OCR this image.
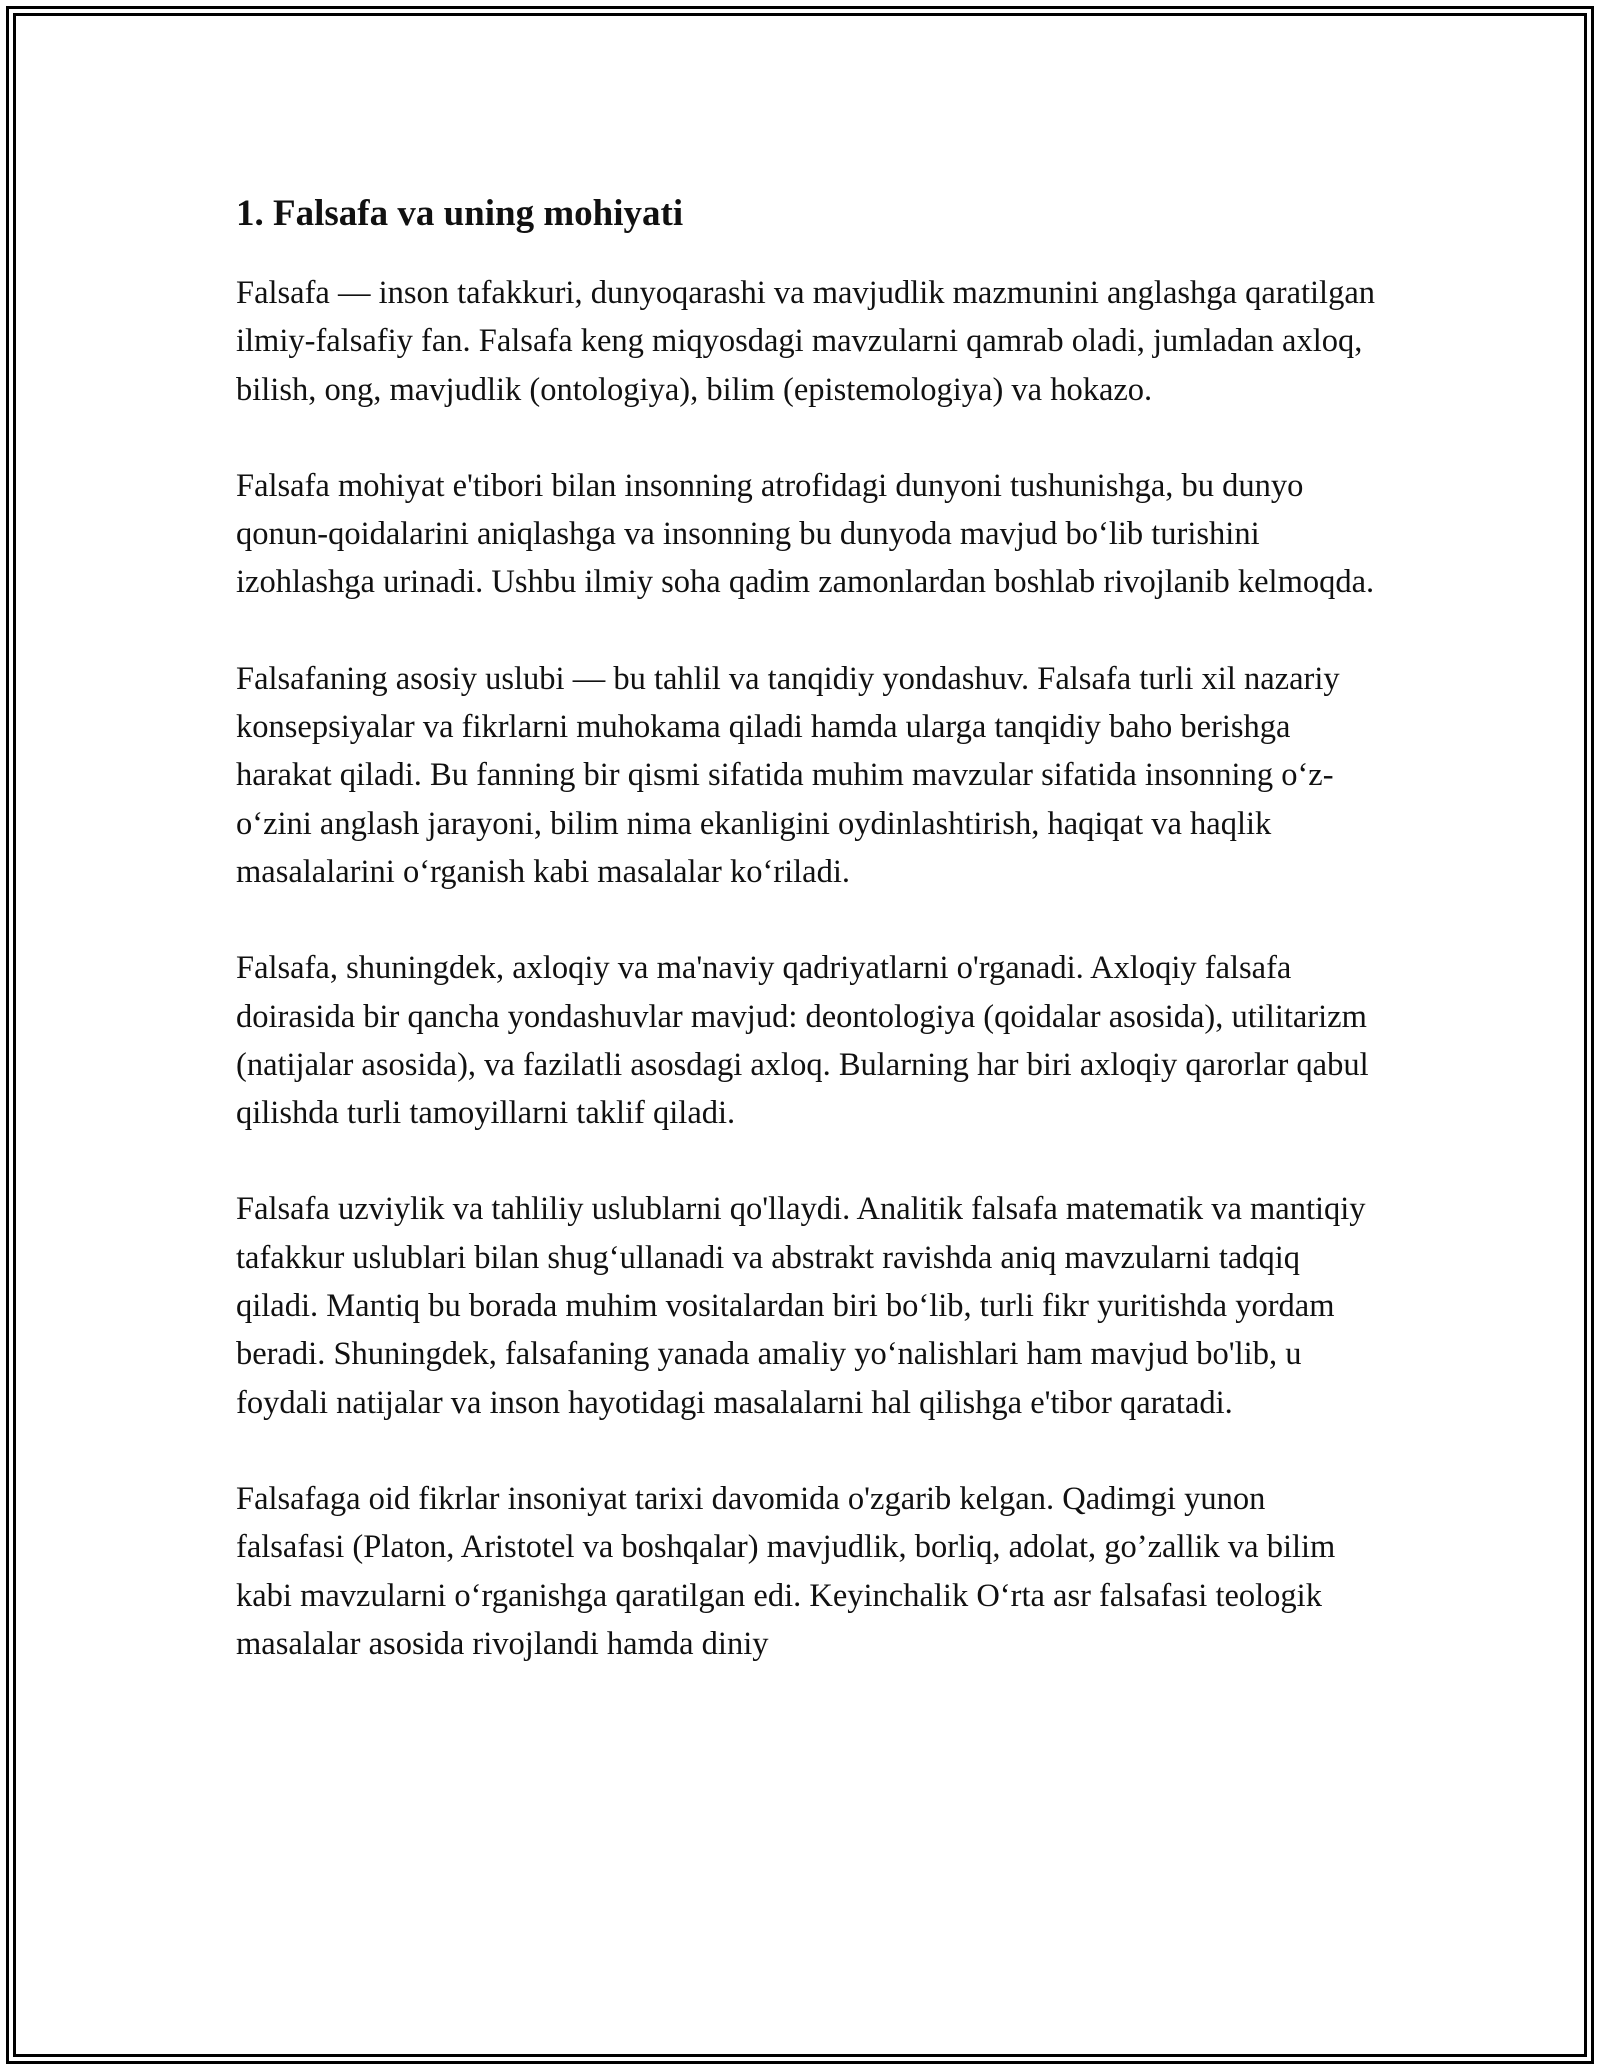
1. Falsafa va uning mohiyati

Falsafa — inson tafakkuri, dunyoqarashi va mavjudlik mazmunini anglashga qaratilgan ilmiy-falsafiy fan. Falsafa keng miqyosdagi mavzularni qamrab oladi, jumladan axloq, bilish, ong, mavjudlik (ontologiya), bilim (epistemologiya) va hokazo.

Falsafa mohiyat e'tibori bilan insonning atrofidagi dunyoni tushunishga, bu dunyo qonun-qoidalarini aniqlashga va insonning bu dunyoda mavjud bo‘lib turishini izohlashga urinadi. Ushbu ilmiy soha qadim zamonlardan boshlab rivojlanib kelmoqda.

Falsafaning asosiy uslubi — bu tahlil va tanqidiy yondashuv. Falsafa turli xil nazariy konsepsiyalar va fikrlarni muhokama qiladi hamda ularga tanqidiy baho berishga harakat qiladi. Bu fanning bir qismi sifatida muhim mavzular sifatida insonning o‘z-o‘zini anglash jarayoni, bilim nima ekanligini oydinlashtirish, haqiqat va haqlik masalalarini o‘rganish kabi masalalar ko‘riladi.

Falsafa, shuningdek, axloqiy va ma'naviy qadriyatlarni o'rganadi. Axloqiy falsafa doirasida bir qancha yondashuvlar mavjud: deontologiya (qoidalar asosida), utilitarizm (natijalar asosida), va fazilatli asosdagi axloq. Bularning har biri axloqiy qarorlar qabul qilishda turli tamoyillarni taklif qiladi.

Falsafa uzviylik va tahliliy uslublarni qo'llaydi. Analitik falsafa matematik va mantiqiy tafakkur uslublari bilan shug‘ullanadi va abstrakt ravishda aniq mavzularni tadqiq qiladi. Mantiq bu borada muhim vositalardan biri bo‘lib, turli fikr yuritishda yordam beradi. Shuningdek, falsafaning yanada amaliy yo‘nalishlari ham mavjud bo'lib, u foydali natijalar va inson hayotidagi masalalarni hal qilishga e'tibor qaratadi.

Falsafaga oid fikrlar insoniyat tarixi davomida o'zgarib kelgan. Qadimgi yunon falsafasi (Platon, Aristotel va boshqalar) mavjudlik, borliq, adolat, go’zallik va bilim kabi mavzularni o‘rganishga qaratilgan edi. Keyinchalik O‘rta asr falsafasi teologik masalalar asosida rivojlandi hamda diniy
